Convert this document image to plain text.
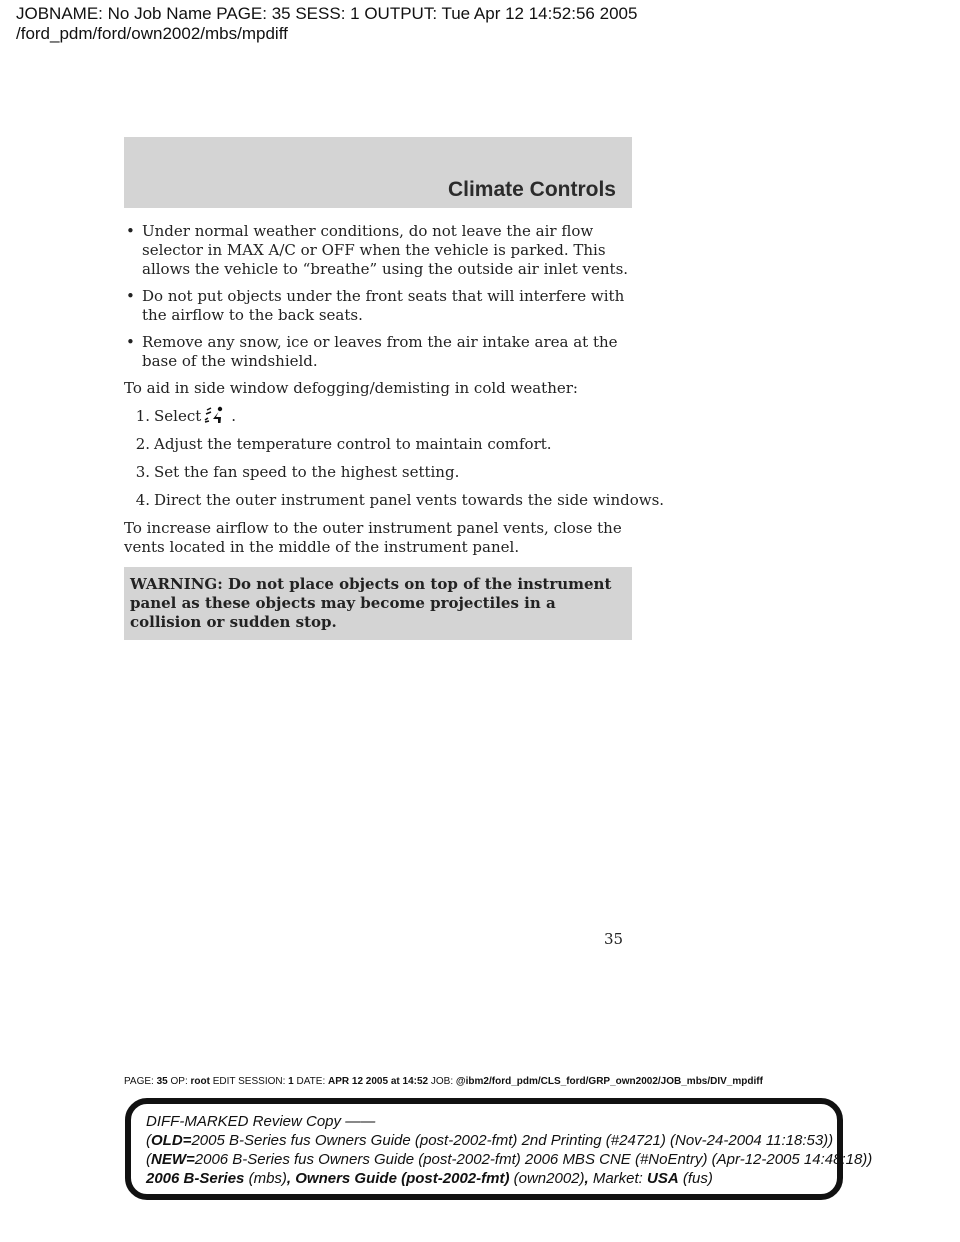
JOBNAME: No Job Name PAGE: 35 SESS: 1 OUTPUT: Tue Apr 12 14:52:56 2005
/ford_pdm/ford/own2002/mbs/mpdiff
Climate Controls
• Under normal weather conditions, do not leave the air flow selector in MAX A/C or OFF when the vehicle is parked. This allows the vehicle to “breathe” using the outside air inlet vents.
• Do not put objects under the front seats that will interfere with the airflow to the back seats.
• Remove any snow, ice or leaves from the air intake area at the base of the windshield.
To aid in side window defogging/demisting in cold weather:
1. Select .
2. Adjust the temperature control to maintain comfort.
3. Set the fan speed to the highest setting.
4. Direct the outer instrument panel vents towards the side windows.
To increase airflow to the outer instrument panel vents, close the vents located in the middle of the instrument panel.
WARNING: Do not place objects on top of the instrument panel as these objects may become projectiles in a collision or sudden stop.
35
PAGE: 35 OP: root EDIT SESSION: 1 DATE: APR 12 2005 at 14:52 JOB: @ibm2/ford_pdm/CLS_ford/GRP_own2002/JOB_mbs/DIV_mpdiff
DIFF-MARKED Review Copy ——
(OLD=2005 B-Series fus Owners Guide (post-2002-fmt) 2nd Printing (#24721) (Nov-24-2004 11:18:53))
(NEW=2006 B-Series fus Owners Guide (post-2002-fmt) 2006 MBS CNE (#NoEntry) (Apr-12-2005 14:48:18))
2006 B-Series (mbs), Owners Guide (post-2002-fmt) (own2002), Market: USA (fus)
